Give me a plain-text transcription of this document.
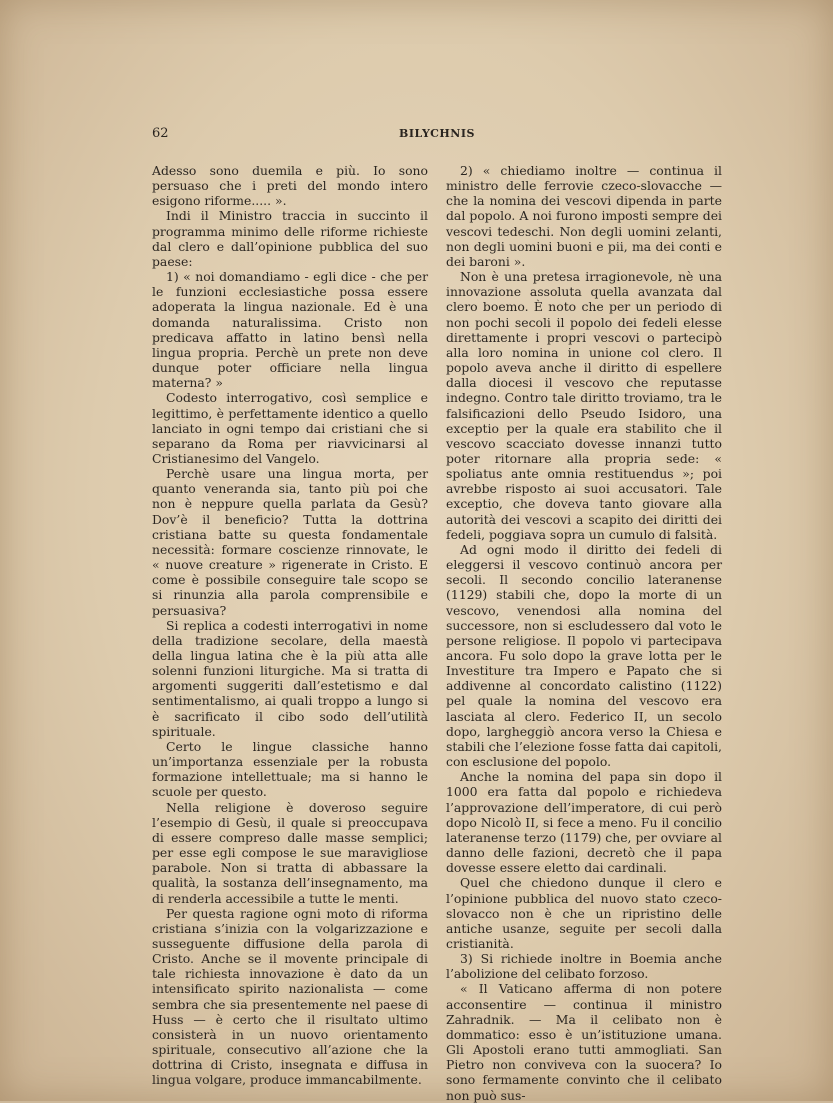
62	BILYCHNIS

Adesso sono duemila e più. Io sono persuaso che i preti del mondo intero esigono riforme..... ».

Indi il Ministro traccia in succinto il programma minimo delle riforme richieste dal clero e dall’opinione pubblica del suo paese:

1) « noi domandiamo - egli dice - che per le funzioni ecclesiastiche possa essere adoperata la lingua nazionale. Ed è una domanda naturalissima. Cristo non predicava affatto in latino bensì nella lingua propria. Perchè un prete non deve dunque poter officiare nella lingua materna? »

Codesto interrogativo, così semplice e legittimo, è perfettamente identico a quello lanciato in ogni tempo dai cristiani che si separano da Roma per riavvicinarsi al Cristianesimo del Vangelo.

Perchè usare una lingua morta, per quanto veneranda sia, tanto più poi che non è neppure quella parlata da Gesù? Dov’è il beneficio? Tutta la dottrina cristiana batte su questa fondamentale necessità: formare coscienze rinnovate, le « nuove creature » rigenerate in Cristo. E come è possibile conseguire tale scopo se si rinunzia alla parola comprensibile e persuasiva?

Si replica a codesti interrogativi in nome della tradizione secolare, della maestà della lingua latina che è la più atta alle solenni funzioni liturgiche. Ma si tratta di argomenti suggeriti dall’estetismo e dal sentimentalismo, ai quali troppo a lungo si è sacrificato il cibo sodo dell’utilità spirituale.

Certo le lingue classiche hanno un’importanza essenziale per la robusta formazione intellettuale; ma si hanno le scuole per questo.

Nella religione è doveroso seguire l’esempio di Gesù, il quale si preoccupava di essere compreso dalle masse semplici; per esse egli compose le sue maravigliose parabole. Non si tratta di abbassare la qualità, la sostanza dell’insegnamento, ma di renderla accessibile a tutte le menti.

Per questa ragione ogni moto di riforma cristiana s’inizia con la volgarizzazione e susseguente diffusione della parola di Cristo. Anche se il movente principale di tale richiesta innovazione è dato da un intensificato spirito nazionalista — come sembra che sia presentemente nel paese di Huss — è certo che il risultato ultimo consisterà in un nuovo orientamento spirituale, consecutivo all’azione che la dottrina di Cristo, insegnata e diffusa in lingua volgare, produce immancabilmente.

2) « chiediamo inoltre — continua il ministro delle ferrovie czeco-slovacche — che la nomina dei vescovi dipenda in parte dal popolo. A noi furono imposti sempre dei vescovi tedeschi. Non degli uomini zelanti, non degli uomini buoni e pii, ma dei conti e dei baroni ».

Non è una pretesa irragionevole, nè una innovazione assoluta quella avanzata dal clero boemo. È noto che per un periodo di non pochi secoli il popolo dei fedeli elesse direttamente i propri vescovi o partecipò alla loro nomina in unione col clero. Il popolo aveva anche il diritto di espellere dalla diocesi il vescovo che reputasse indegno. Contro tale diritto troviamo, tra le falsificazioni dello Pseudo Isidoro, una exceptio per la quale era stabilito che il vescovo scacciato dovesse innanzi tutto poter ritornare alla propria sede: « spoliatus ante omnia restituendus »; poi avrebbe risposto ai suoi accusatori. Tale exceptio, che doveva tanto giovare alla autorità dei vescovi a scapito dei diritti dei fedeli, poggiava sopra un cumulo di falsità.

Ad ogni modo il diritto dei fedeli di eleggersi il vescovo continuò ancora per secoli. Il secondo concilio lateranense (1129) stabili che, dopo la morte di un vescovo, venendosi alla nomina del successore, non si escludessero dal voto le persone religiose. Il popolo vi partecipava ancora. Fu solo dopo la grave lotta per le Investiture tra Impero e Papato che si addivenne al concordato calistino (1122) pel quale la nomina del vescovo era lasciata al clero. Federico II, un secolo dopo, largheggiò ancora verso la Chiesa e stabili che l’elezione fosse fatta dai capitoli, con esclusione del popolo.

Anche la nomina del papa sin dopo il 1000 era fatta dal popolo e richiedeva l’approvazione dell’imperatore, di cui però dopo Nicolò II, si fece a meno. Fu il concilio lateranense terzo (1179) che, per ovviare al danno delle fazioni, decretò che il papa dovesse essere eletto dai cardinali.

Quel che chiedono dunque il clero e l’opinione pubblica del nuovo stato czeco-slovacco non è che un ripristino delle antiche usanze, seguite per secoli dalla cristianità.

3) Si richiede inoltre in Boemia anche l’abolizione del celibato forzoso.

« Il Vaticano afferma di non potere acconsentire — continua il ministro Zahradnik. — Ma il celibato non è dommatico: esso è un’istituzione umana. Gli Apostoli erano tutti ammogliati. San Pietro non conviveva con la suocera? Io sono fermamente convinto che il celibato non può sus-
